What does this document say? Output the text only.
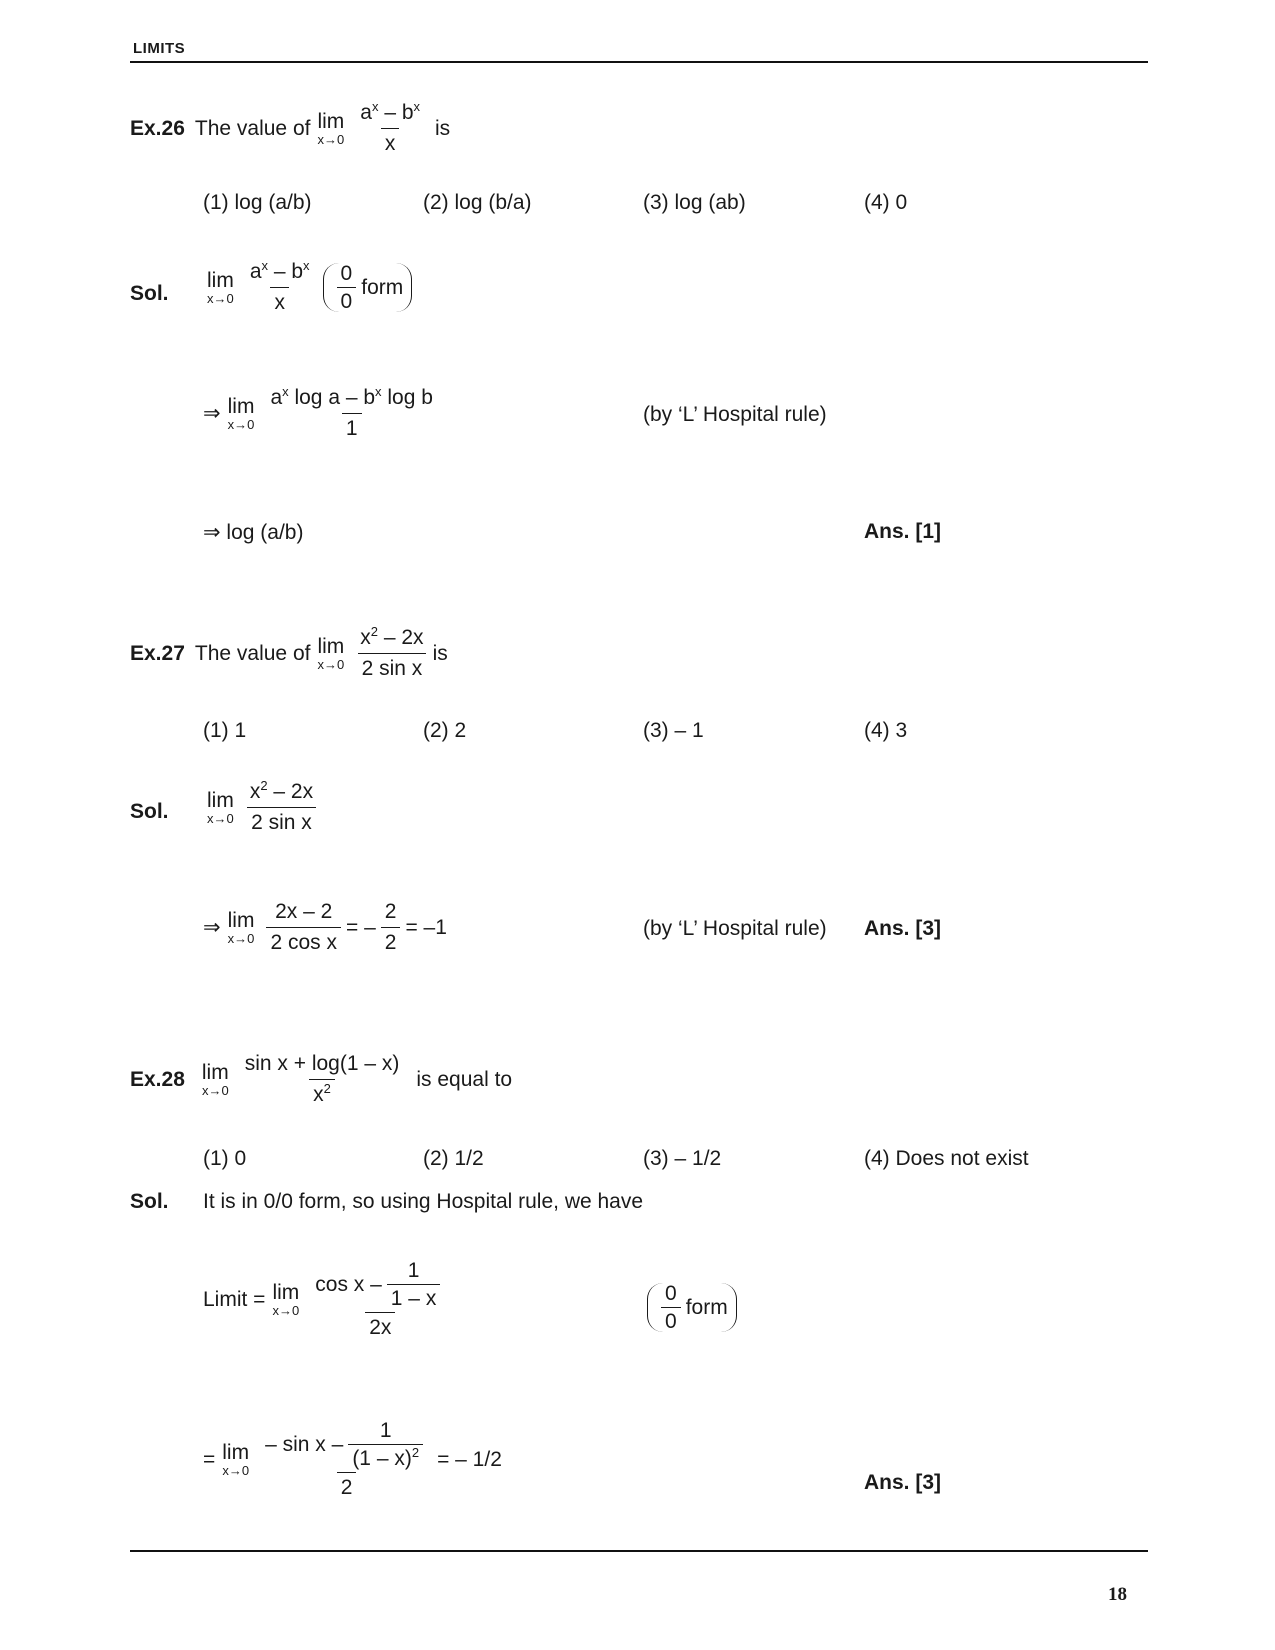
LIMITS
Ex.26 The value of lim
$x\to 0 \frac{a^x - b^x}{x}$ is
(1) log (a/b)	(2) log (b/a)	(3) log (ab)	(4) 0
Sol.
lim
$x\to 0 \frac{a^x - b^x}{x} \frac{0}{0}$ form
⇒ lim
$x\to 0 \frac{a^x \log a - b^x \log b}{1}$	(by ‘L’ Hospital rule)
⇒ log (a/b)	Ans. [1]
Ex.27 The value of lim
$x\to 0 \frac{x^2 - 2x}{\text{2 sin x}}$ is
(1) 1	(2) 2	(3) – 1	(4) 3
Sol. lim
$x\to 0 \frac{x^2 - 2x}{\text{2 sin x}}$
⇒ lim
$x\to 0 \frac{2x - 2}{\text{2 cos x}}$ = – $\frac{2}{2} = -1$	(by ‘L’ Hospital rule) Ans. [3]
Ex.28 lim
$x\to 0 \frac{\text{sin x + log(1 – x)}}{x^2}$ is equal to
(1) 0	(2) 1/2	(3) – 1/2	(4) Does not exist
Sol. It is in 0/0 form, so using Hospital rule, we have
Limit = lim
$x\to 0 \frac{\cos x - \frac{1}{1 - x}}{2x}$	$\frac{0}{0}$ form
= lim
$x\to 0 \frac{- \sin x - \frac{1}{(1 - x)^2}}{2}$ = – 1/2
Ans. [3]
18
